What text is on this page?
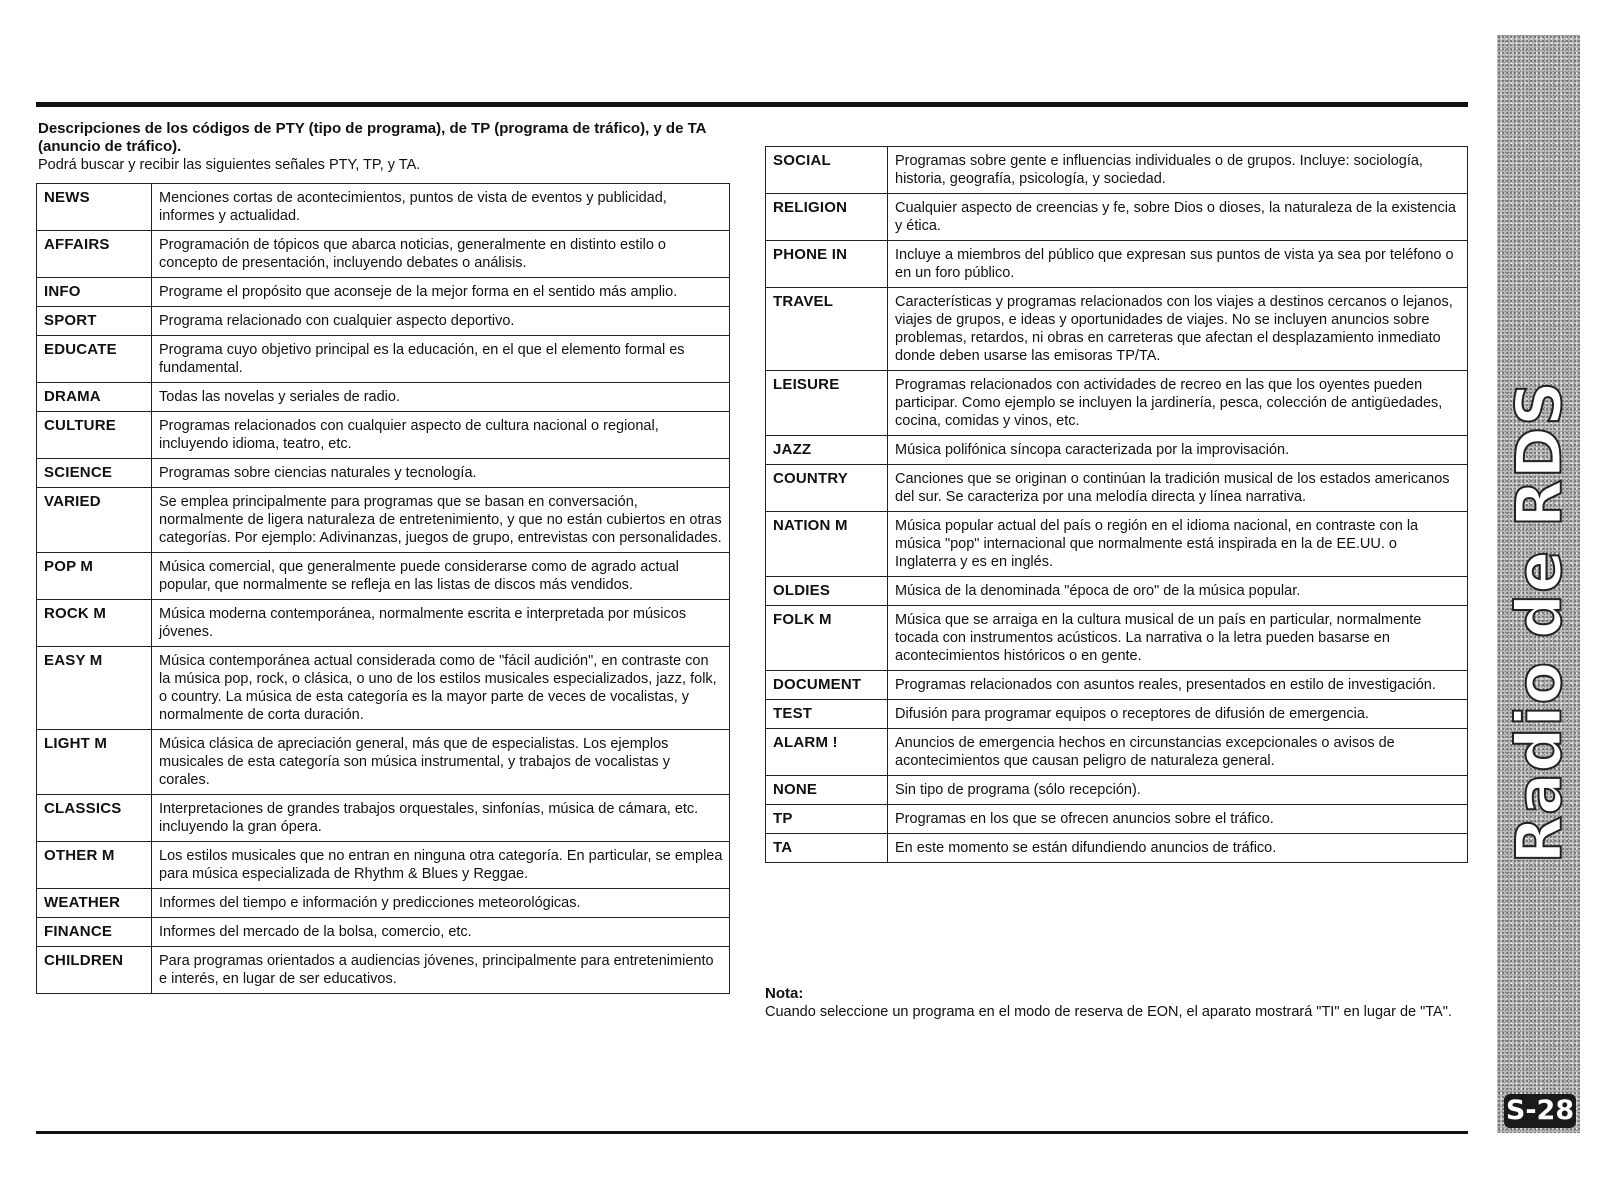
Descripciones de los códigos de PTY (tipo de programa), de TP (programa de tráfico), y de TA (anuncio de tráfico).
Podrá buscar y recibir las siguientes señales PTY, TP, y TA.
NEWS	Menciones cortas de acontecimientos, puntos de vista de eventos y publicidad, informes y actualidad.
AFFAIRS	Programación de tópicos que abarca noticias, generalmente en distinto estilo o concepto de presentación, incluyendo debates o análisis.
INFO	Programe el propósito que aconseje de la mejor forma en el sentido más amplio.
SPORT	Programa relacionado con cualquier aspecto deportivo.
EDUCATE	Programa cuyo objetivo principal es la educación, en el que el elemento formal es fundamental.
DRAMA	Todas las novelas y seriales de radio.
CULTURE	Programas relacionados con cualquier aspecto de cultura nacional o regional, incluyendo idioma, teatro, etc.
SCIENCE	Programas sobre ciencias naturales y tecnología.
VARIED	Se emplea principalmente para programas que se basan en conversación, normalmente de ligera naturaleza de entretenimiento, y que no están cubiertos en otras categorías. Por ejemplo: Adivinanzas, juegos de grupo, entrevistas con personalidades.
POP M	Música comercial, que generalmente puede considerarse como de agrado actual popular, que normalmente se refleja en las listas de discos más vendidos.
ROCK M	Música moderna contemporánea, normalmente escrita e interpretada por músicos jóvenes.
EASY M	Música contemporánea actual considerada como de "fácil audición", en contraste con la música pop, rock, o clásica, o uno de los estilos musicales especializados, jazz, folk, o country. La música de esta categoría es la mayor parte de veces de vocalistas, y normalmente de corta duración.
LIGHT M	Música clásica de apreciación general, más que de especialistas. Los ejemplos musicales de esta categoría son música instrumental, y trabajos de vocalistas y corales.
CLASSICS	Interpretaciones de grandes trabajos orquestales, sinfonías, música de cámara, etc. incluyendo la gran ópera.
OTHER M	Los estilos musicales que no entran en ninguna otra categoría. En particular, se emplea para música especializada de Rhythm & Blues y Reggae.
WEATHER	Informes del tiempo e información y predicciones meteorológicas.
FINANCE	Informes del mercado de la bolsa, comercio, etc.
CHILDREN	Para programas orientados a audiencias jóvenes, principalmente para entretenimiento e interés, en lugar de ser educativos.
SOCIAL	Programas sobre gente e influencias individuales o de grupos. Incluye: sociología, historia, geografía, psicología, y sociedad.
RELIGION	Cualquier aspecto de creencias y fe, sobre Dios o dioses, la naturaleza de la existencia y ética.
PHONE IN	Incluye a miembros del público que expresan sus puntos de vista ya sea por teléfono o en un foro público.
TRAVEL	Características y programas relacionados con los viajes a destinos cercanos o lejanos, viajes de grupos, e ideas y oportunidades de viajes. No se incluyen anuncios sobre problemas, retardos, ni obras en carreteras que afectan el desplazamiento inmediato donde deben usarse las emisoras TP/TA.
LEISURE	Programas relacionados con actividades de recreo en las que los oyentes pueden participar. Como ejemplo se incluyen la jardinería, pesca, colección de antigüedades, cocina, comidas y vinos, etc.
JAZZ	Música polifónica síncopa caracterizada por la improvisación.
COUNTRY	Canciones que se originan o continúan la tradición musical de los estados americanos del sur. Se caracteriza por una melodía directa y línea narrativa.
NATION M	Música popular actual del país o región en el idioma nacional, en contraste con la música "pop" internacional que normalmente está inspirada en la de EE.UU. o Inglaterra y es en inglés.
OLDIES	Música de la denominada "época de oro" de la música popular.
FOLK M	Música que se arraiga en la cultura musical de un país en particular, normalmente tocada con instrumentos acústicos. La narrativa o la letra pueden basarse en acontecimientos históricos o en gente.
DOCUMENT	Programas relacionados con asuntos reales, presentados en estilo de investigación.
TEST	Difusión para programar equipos o receptores de difusión de emergencia.
ALARM !	Anuncios de emergencia hechos en circunstancias excepcionales o avisos de acontecimientos que causan peligro de naturaleza general.
NONE	Sin tipo de programa (sólo recepción).
TP	Programas en los que se ofrecen anuncios sobre el tráfico.
TA	En este momento se están difundiendo anuncios de tráfico.
Nota:
Cuando seleccione un programa en el modo de reserva de EON, el aparato mostrará "TI" en lugar de "TA".
Radio de RDS
S-28
